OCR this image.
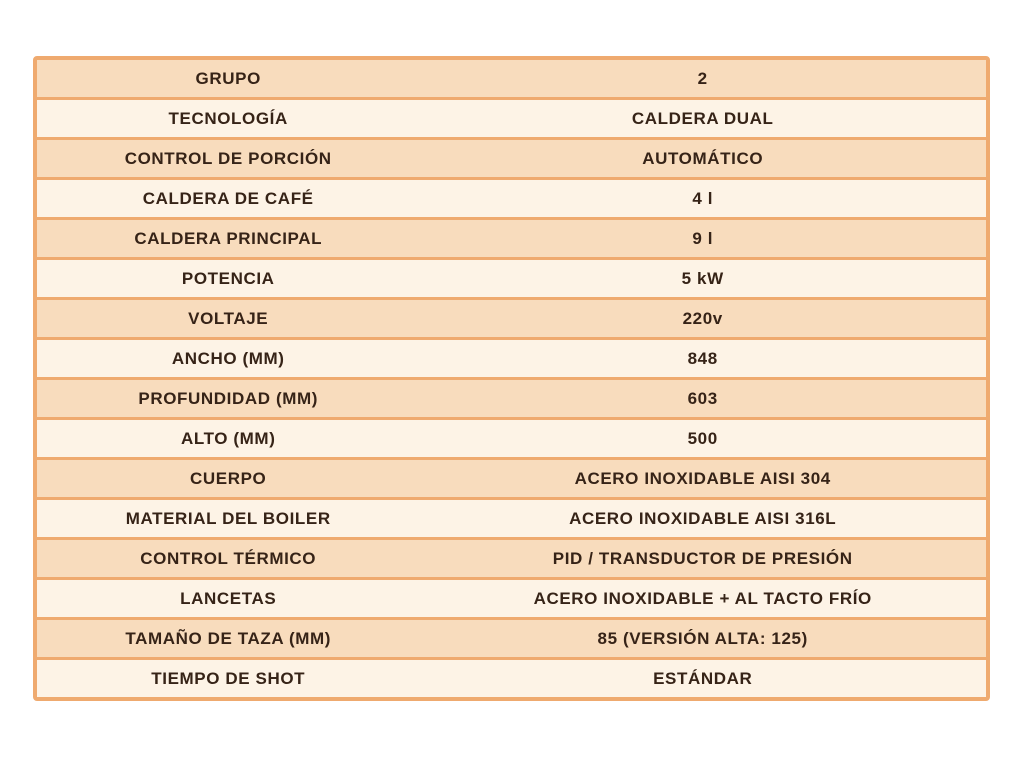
GRUPO	2
TECNOLOGÍA	CALDERA DUAL
CONTROL DE PORCIÓN	AUTOMÁTICO
CALDERA DE CAFÉ	4 l
CALDERA PRINCIPAL	9 l
POTENCIA	5 kW
VOLTAJE	220v
ANCHO (MM)	848
PROFUNDIDAD (MM)	603
ALTO (MM)	500
CUERPO	ACERO INOXIDABLE AISI 304
MATERIAL DEL BOILER	ACERO INOXIDABLE AISI 316L
CONTROL TÉRMICO	PID / TRANSDUCTOR DE PRESIÓN
LANCETAS	ACERO INOXIDABLE + AL TACTO FRÍO
TAMAÑO DE TAZA (MM)	85 (VERSIÓN ALTA: 125)
TIEMPO DE SHOT	ESTÁNDAR
